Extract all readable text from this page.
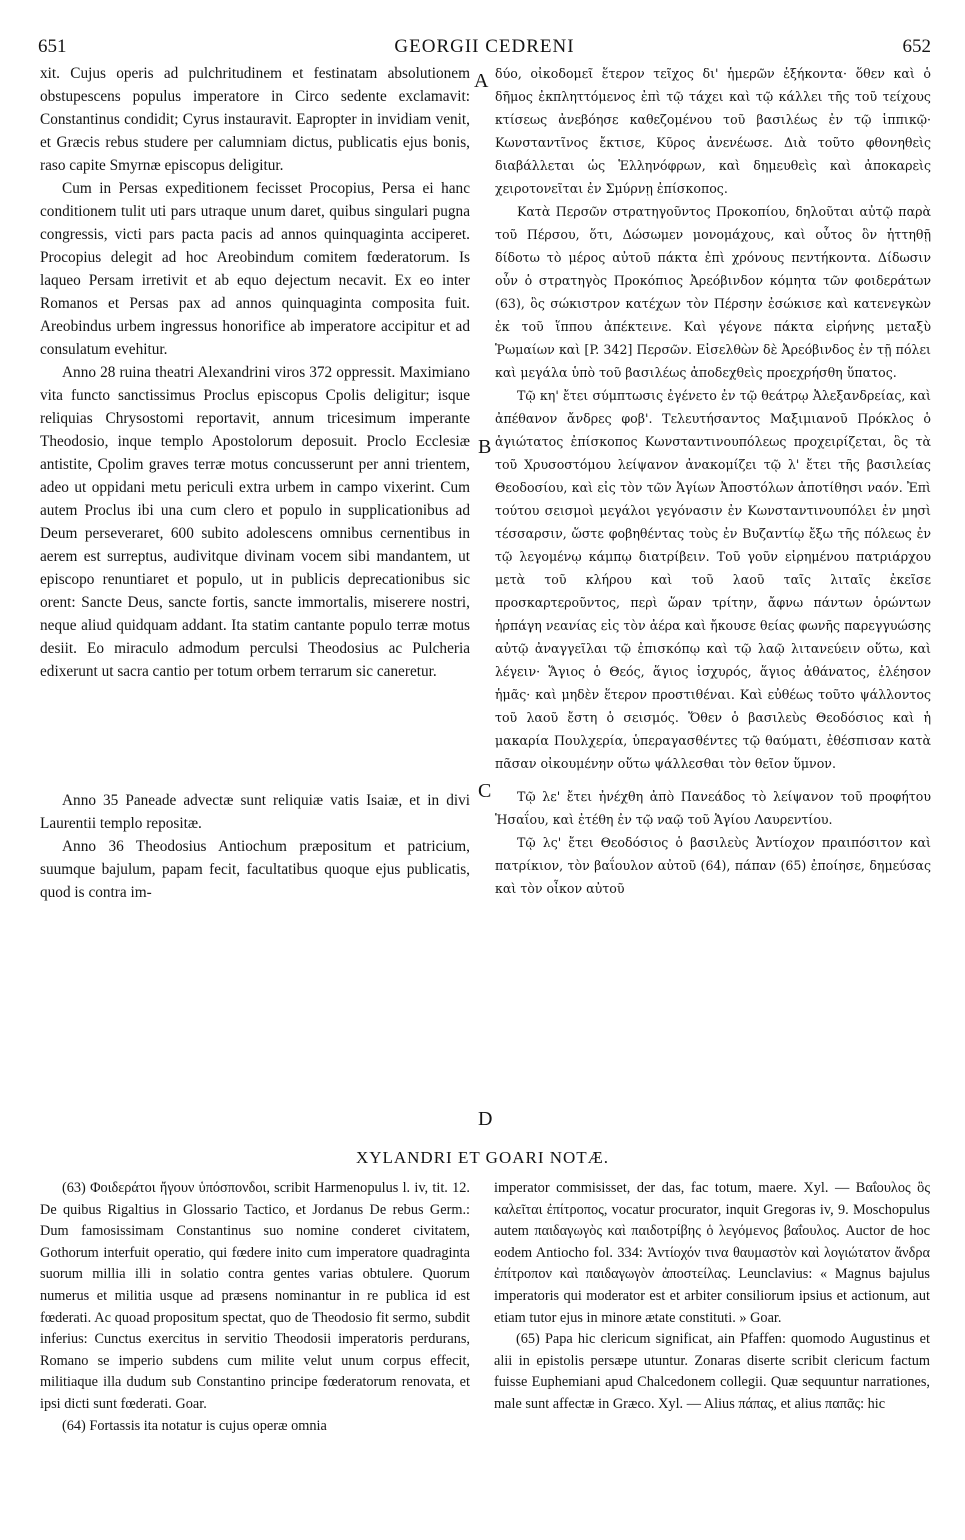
651	GEORGII CEDRENI	652

xit. Cujus operis ad pulchritudinem et festinatam absolutionem obstupescens populus imperatore in Circo sedente exclamavit: Constantinus condidit; Cyrus instauravit. Eapropter in invidiam venit, et Græcis rebus studere per calumniam dictus, publicatis ejus bonis, raso capite Smyrnæ episcopus deligitur.

Cum in Persas expeditionem fecisset Procopius, Persa ei hanc conditionem tulit uti pars utraque unum daret, quibus singulari pugna congressis, victi pars pacta pacis ad annos quinquaginta acciperet. Procopius delegit ad hoc Areobindum comitem fœderatorum. Is laqueo Persam irretivit et ab equo dejectum necavit. Ex eo inter Romanos et Persas pax ad annos quinquaginta composita fuit. Areobindus urbem ingressus honorifice ab imperatore accipitur et ad consulatum evehitur.

Anno 28 ruina theatri Alexandrini viros 372 oppressit. Maximiano vita functo sanctissimus Proclus episcopus Cpolis deligitur; isque reliquias Chrysostomi reportavit, annum tricesimum imperante Theodosio, inque templo Apostolorum deposuit. Proclo Ecclesiæ antistite, Cpolim graves terræ motus concusserunt per anni trientem, adeo ut oppidani metu periculi extra urbem in campo vixerint. Cum autem Proclus ibi una cum clero et populo in supplicationibus ad Deum perseveraret, 600 subito adolescens omnibus cernentibus in aerem est surreptus, audivitque divinam vocem sibi mandantem, ut episcopo renuntiaret et populo, ut in publicis deprecationibus sic orent: Sancte Deus, sancte fortis, sancte immortalis, miserere nostri, neque aliud quidquam addant. Ita statim cantante populo terræ motus desiit. Eo miraculo admodum perculsi Theodosius ac Pulcheria edixerunt ut sacra cantio per totum orbem terrarum sic caneretur.

Anno 35 Paneade advectæ sunt reliquiæ vatis Isaiæ, et in divi Laurentii templo repositæ.

Anno 36 Theodosius Antiochum præpositum et patricium, suumque bajulum, papam fecit, facultatibus quoque ejus publicatis, quod is contra im-

A
B
C
D

δύο, οἰκοδομεῖ ἕτερον τεῖχος δι' ἡμερῶν ἑξήκοντα· ὅθεν καὶ ὁ δῆμος ἐκπληττόμενος ἐπὶ τῷ τάχει καὶ τῷ κάλλει τῆς τοῦ τείχους κτίσεως ἀνεβόησε καθεζομένου τοῦ βασιλέως ἐν τῷ ἱππικῷ· Κωνσταντῖνος ἔκτισε, Κῦρος ἀνενέωσε. Διὰ τοῦτο φθονηθεὶς διαβάλλεται ὡς Ἑλληνόφρων, καὶ δημευθεὶς καὶ ἀποκαρεὶς χειροτονεῖται ἐν Σμύρνῃ ἐπίσκοπος.

Κατὰ Περσῶν στρατηγοῦντος Προκοπίου, δηλοῦται αὐτῷ παρὰ τοῦ Πέρσου, ὅτι, Δώσωμεν μονομάχους, καὶ οὗτος ὃν ἡττηθῇ δίδοτω τὸ μέρος αὐτοῦ πάκτα ἐπὶ χρόνους πεντήκοντα. Δίδωσιν οὖν ὁ στρατηγὸς Προκόπιος Ἀρεόβινδον κόμητα τῶν φοιδεράτων (63), ὃς σώκιστρον κατέχων τὸν Πέρσην ἐσώκισε καὶ κατενεγκὼν ἐκ τοῦ ἵππου ἀπέκτεινε. Καὶ γέγονε πάκτα εἰρήνης μεταξὺ Ῥωμαίων καὶ [P. 342] Περσῶν. Εἰσελθὼν δὲ Ἀρεόβινδος ἐν τῇ πόλει καὶ μεγάλα ὑπὸ τοῦ βασιλέως ἀποδεχθεὶς προεχρήσθη ὕπατος.

Τῷ κη' ἔτει σύμπτωσις ἐγένετο ἐν τῷ θεάτρῳ Ἀλεξανδρείας, καὶ ἀπέθανον ἄνδρες φοβ'. Τελευτήσαντος Μαξιμιανοῦ Πρόκλος ὁ ἁγιώτατος ἐπίσκοπος Κωνσταντινουπόλεως προχειρίζεται, ὃς τὰ τοῦ Χρυσοστόμου λείψανον ἀνακομίζει τῷ λ' ἔτει τῆς βασιλείας Θεοδοσίου, καὶ εἰς τὸν τῶν Ἁγίων Ἀποστόλων ἀποτίθησι ναόν. Ἐπὶ τούτου σεισμοὶ μεγάλοι γεγόνασιν ἐν Κωνσταντινουπόλει ἐν μησὶ τέσσαρσιν, ὥστε φοβηθέντας τοὺς ἐν Βυζαντίῳ ἔξω τῆς πόλεως ἐν τῷ λεγομένῳ κάμπῳ διατρίβειν. Τοῦ γοῦν εἰρημένου πατριάρχου μετὰ τοῦ κλήρου καὶ τοῦ λαοῦ ταῖς λιταῖς ἐκεῖσε προσκαρτεροῦντος, περὶ ὥραν τρίτην, ἄφνω πάντων ὁρώντων ἡρπάγη νεανίας εἰς τὸν ἀέρα καὶ ἤκουσε θείας φωνῆς παρεγγυώσης αὐτῷ ἀναγγεῖλαι τῷ ἐπισκόπῳ καὶ τῷ λαῷ λιτανεύειν οὕτω, καὶ λέγειν· Ἅγιος ὁ Θεός, ἅγιος ἰσχυρός, ἅγιος ἀθάνατος, ἐλέησον ἡμᾶς· καὶ μηδὲν ἕτερον προστιθέναι. Καὶ εὐθέως τοῦτο ψάλλοντος τοῦ λαοῦ ἔστη ὁ σεισμός. Ὅθεν ὁ βασιλεὺς Θεοδόσιος καὶ ἡ μακαρία Πουλχερία, ὑπεραγασθέντες τῷ θαύματι, ἐθέσπισαν κατὰ πᾶσαν οἰκουμένην οὕτω ψάλλεσθαι τὸν θεῖον ὕμνον.

Τῷ λε' ἔτει ἠνέχθη ἀπὸ Πανεάδος τὸ λείψανον τοῦ προφήτου Ἡσαΐου, καὶ ἐτέθη ἐν τῷ ναῷ τοῦ Ἁγίου Λαυρεντίου.

Τῷ λς' ἔτει Θεοδόσιος ὁ βασιλεὺς Ἀντίοχον πραιπόσιτον καὶ πατρίκιον, τὸν βαΐουλον αὐτοῦ (64), πάπαν (65) ἐποίησε, δημεύσας καὶ τὸν οἶκον αὐτοῦ

XYLANDRI ET GOARI NOTÆ.

(63) Φοιδεράτοι ἤγουν ὑπόσπονδοι, scribit Harmenopulus l. iv, tit. 12. De quibus Rigaltius in Glossario Tactico, et Jordanus De rebus Germ.: Dum famosissimam Constantinus suo nomine conderet civitatem, Gothorum interfuit operatio, qui fœdere inito cum imperatore quadraginta suorum millia illi in solatio contra gentes varias obtulere. Quorum numerus et militia usque ad præsens nominantur in re publica id est fœderati. Ac quoad propositum spectat, quo de Theodosio fit sermo, subdit inferius: Cunctus exercitus in servitio Theodosii imperatoris perdurans, Romano se imperio subdens cum milite velut unum corpus effecit, militiaque illa dudum sub Constantino principe fœderatorum renovata, et ipsi dicti sunt fœderati. Goar.

(64) Fortassis ita notatur is cujus operæ omnia

imperator commisisset, der das, fac totum, maere. Xyl. — Βαΐουλος ὃς καλεῖται ἐπίτροπος, vocatur procurator, inquit Gregoras iv, 9. Moschopulus autem παιδαγωγὸς καὶ παιδοτρίβης ὁ λεγόμενος βαΐουλος. Auctor de hoc eodem Antiocho fol. 334: Ἀντίοχόν τινα θαυμαστὸν καὶ λογιώτατον ἄνδρα ἐπίτροπον καὶ παιδαγωγὸν ἀποστείλας. Leunclavius: « Magnus bajulus imperatoris qui moderator est et arbiter consiliorum ipsius et actionum, aut etiam tutor ejus in minore ætate constituti. » Goar.

(65) Papa hic clericum significat, ain Pfaffen: quomodo Augustinus et alii in epistolis persæpe utuntur. Zonaras diserte scribit clericum factum fuisse Euphemiani apud Chalcedonem collegii. Quæ sequuntur narrationes, male sunt affectæ in Græco. Xyl. — Alius πάπας, et alius παπᾶς: hic
